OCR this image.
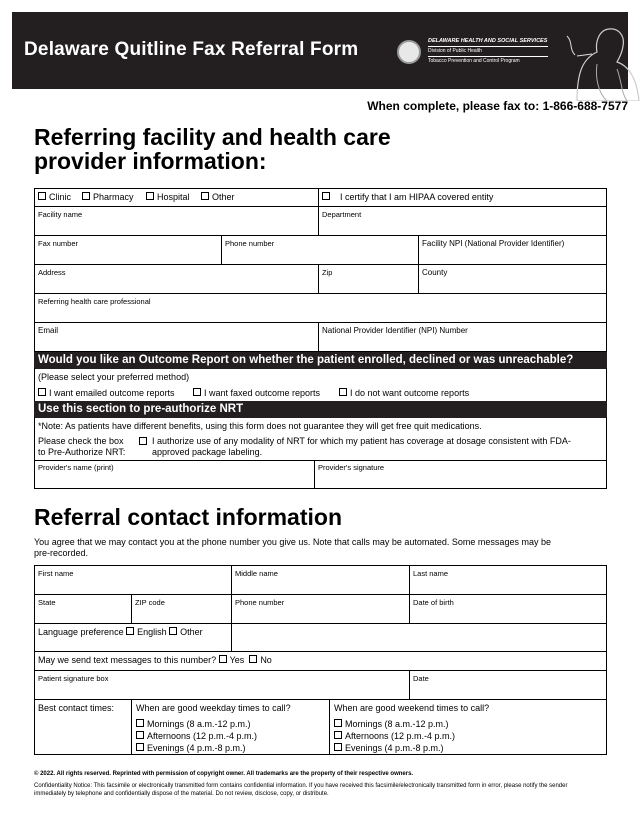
Delaware Quitline Fax Referral Form	DELAWARE HEALTH AND SOCIAL SERVICES
Division of Public Health
Tobacco Prevention and Control Program
When complete, please fax to: 1-866-688-7577
Referring facility and health care
provider information:
Clinic	Pharmacy	Hospital	Other	I certify that I am HIPAA covered entity
Facility name	Department
Fax number	Phone number	Facility NPI (National Provider Identifier)
Address	Zip	County
Referring health care professional
Email	National Provider Identifier (NPI) Number
Would you like an Outcome Report on whether the patient enrolled, declined or was unreachable?
(Please select your preferred method)
I want emailed outcome reports	I want faxed outcome reports	I do not want outcome reports
Use this section to pre-authorize NRT
*Note: As patients have different benefits, using this form does not guarantee they will get free quit medications.
Please check the box
to Pre-Authorize NRT:
I authorize use of any modality of NRT for which my patient has coverage at dosage consistent with FDA-
approved package labeling.
Provider's name (print)	Provider's signature
Referral contact information
You agree that we may contact you at the phone number you give us. Note that calls may be automated. Some messages may be
pre-recorded.
First name	Middle name	Last name
State	ZIP code	Phone number	Date of birth
Language preference English Other
May we send text messages to this number? Yes No
Patient signature box	Date
Best contact times: When are good weekday times to call?
Mornings (8 a.m.-12 p.m.)
Afternoons (12 p.m.-4 p.m.)
Evenings (4 p.m.-8 p.m.)
When are good weekend times to call?
Mornings (8 a.m.-12 p.m.)
Afternoons (12 p.m.-4 p.m.)
Evenings (4 p.m.-8 p.m.)
© 2022. All rights reserved. Reprinted with permission of copyright owner. All trademarks are the property of their respective owners.
Confidentiality Notice: This facsimile or electronically transmitted form contains confidential information. If you have received this facsimile/electronically transmitted form in error, please notify the sender
immediately by telephone and confidentially dispose of the material. Do not review, disclose, copy, or distribute.
